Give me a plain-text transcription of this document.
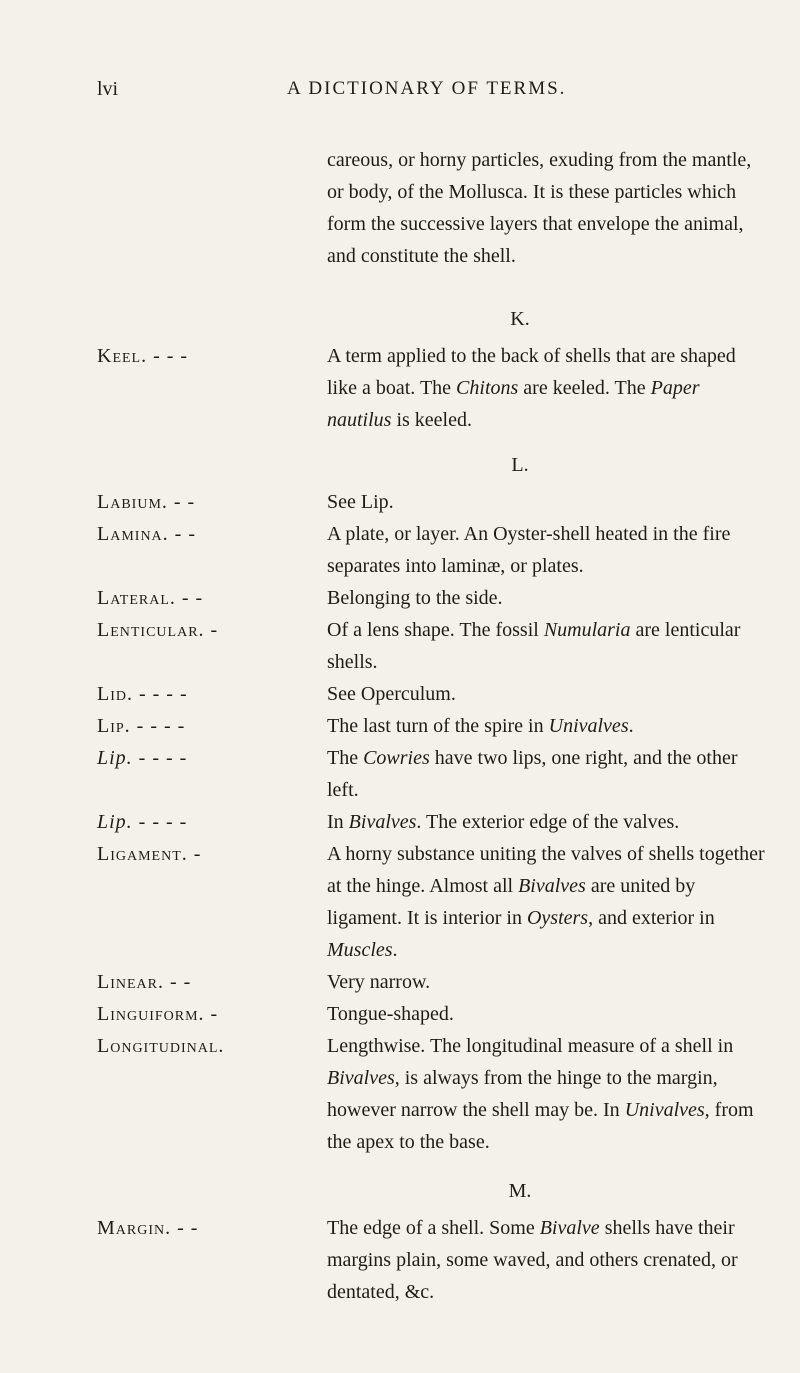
lvi	A DICTIONARY OF TERMS.
careous, or horny particles, exuding from the mantle, or body, of the Mollusca. It is these particles which form the successive layers that envelope the animal, and constitute the shell.
K.
Keel. - - -	A term applied to the back of shells that are shaped like a boat. The Chitons are keeled. The Paper nautilus is keeled.
L.
Labium. - -	See Lip.
Lamina. - -	A plate, or layer. An Oyster-shell heated in the fire separates into laminæ, or plates.
Lateral. - -	Belonging to the side.
Lenticular. -	Of a lens shape. The fossil Numularia are lenticular shells.
Lid. - - - -	See Operculum.
Lip. - - - -	The last turn of the spire in Univalves.
Lip. - - - -	The Cowries have two lips, one right, and the other left.
Lip. - - - -	In Bivalves. The exterior edge of the valves.
Ligament. -	A horny substance uniting the valves of shells together at the hinge. Almost all Bivalves are united by ligament. It is interior in Oysters, and exterior in Muscles.
Linear. - -	Very narrow.
Linguiform. -	Tongue-shaped.
Longitudinal.	Lengthwise. The longitudinal measure of a shell in Bivalves, is always from the hinge to the margin, however narrow the shell may be. In Univalves, from the apex to the base.
M.
Margin. - -	The edge of a shell. Some Bivalve shells have their margins plain, some waved, and others crenated, or dentated, &c.
